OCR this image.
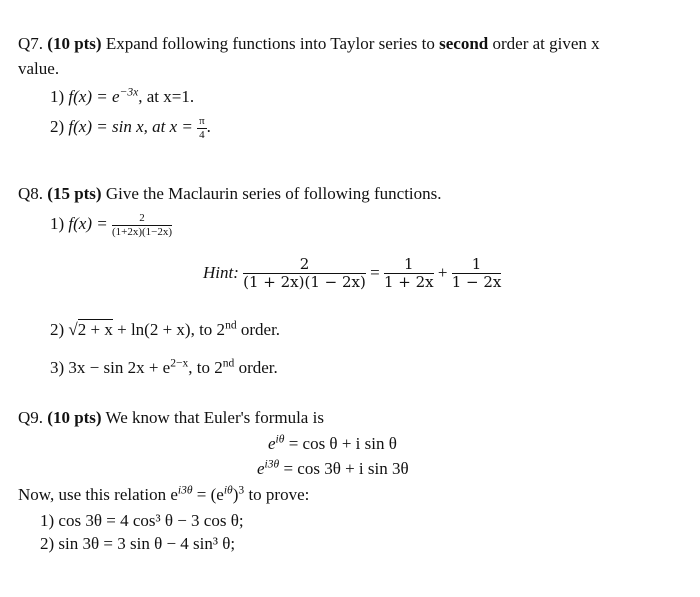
Q7. (10 pts) Expand following functions into Taylor series to second order at given x
value.
1) $f(x) = e^{-3x}$, at x=1.
2) f(x) = sin x, at $x = \frac{\pi}{4}$ .
Q8. (15 pts) Give the Maclaurin series of following functions.
1) $f(x) = \frac{2}{(1+2x)(1-2x)}$
Hint: $\frac{2}{(1 + 2x)(1 - 2x)} = \frac{1}{1 + 2x} + \frac{1}{1 - 2x}$
2) √2 + x + ln(2 + x), to 2nd order.
3) $3x - \sin 2x + e^{2-x}$, to 2nd order.
Q9. (10 pts) We know that Euler's formula is
$e^{i\theta} = \cos \theta + i$ sin θ
$e^{i3\theta} = \cos 3\theta + i$ sin 3θ
Now, use this relation $e^{i3\theta} = (e^{i\theta})^3$ to prove:
1) cos 3θ = 4 cos³ θ − 3 cos θ;
2) sin 3θ = 3 sin θ − 4 sin³ θ;
